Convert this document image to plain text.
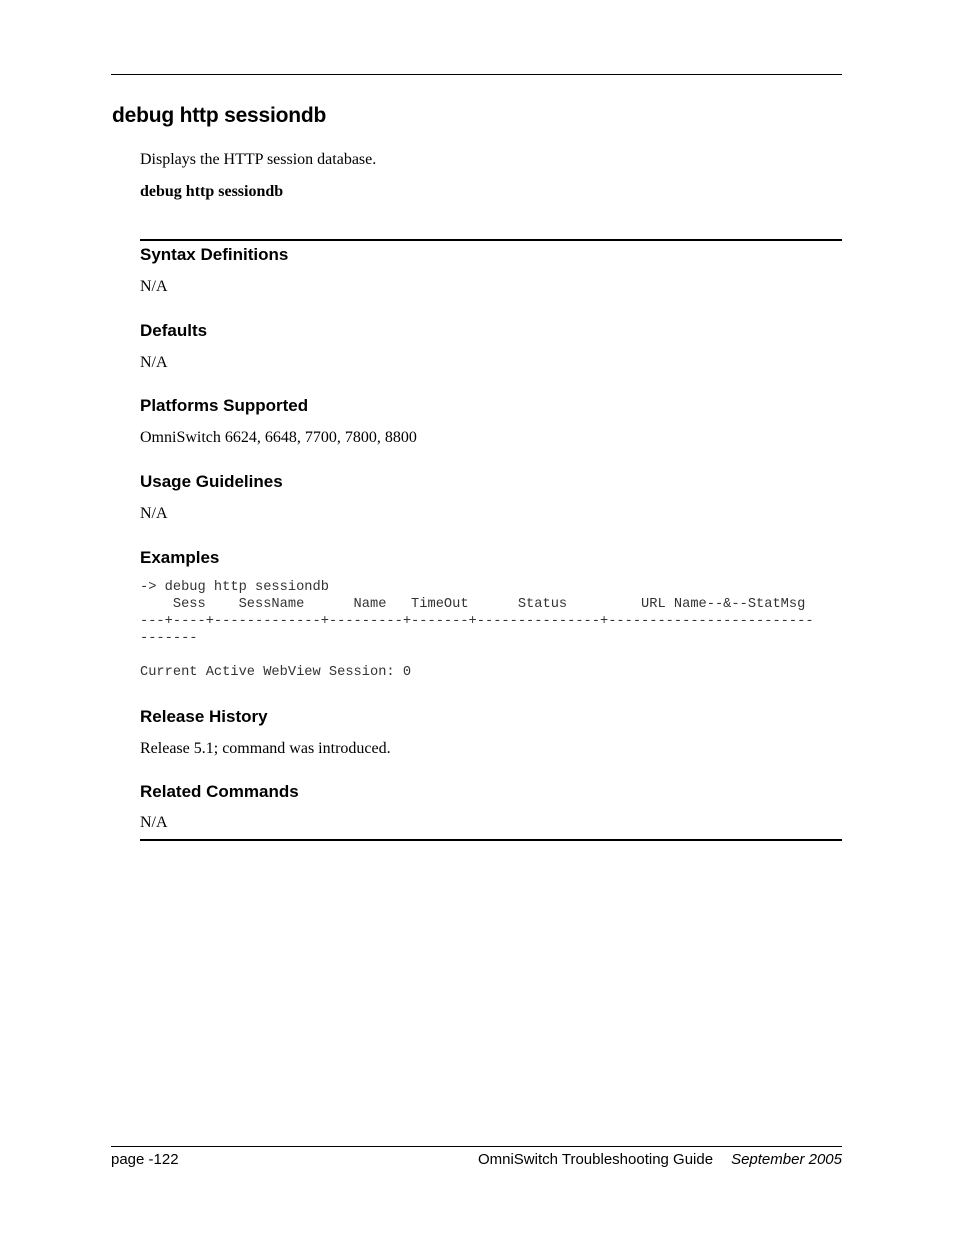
debug http sessiondb
Displays the HTTP session database.
debug http sessiondb
Syntax Definitions
N/A
Defaults
N/A
Platforms Supported
OmniSwitch 6624, 6648, 7700, 7800, 8800
Usage Guidelines
N/A
Examples
-> debug http sessiondb
Sess    SessName      Name   TimeOut      Status         URL Name--&--StatMsg
---+----+-------------+---------+-------+---------------+-------------------------
-------

Current Active WebView Session: 0
Release History
Release 5.1; command was introduced.
Related Commands
N/A
page -122	OmniSwitch Troubleshooting Guide September 2005
